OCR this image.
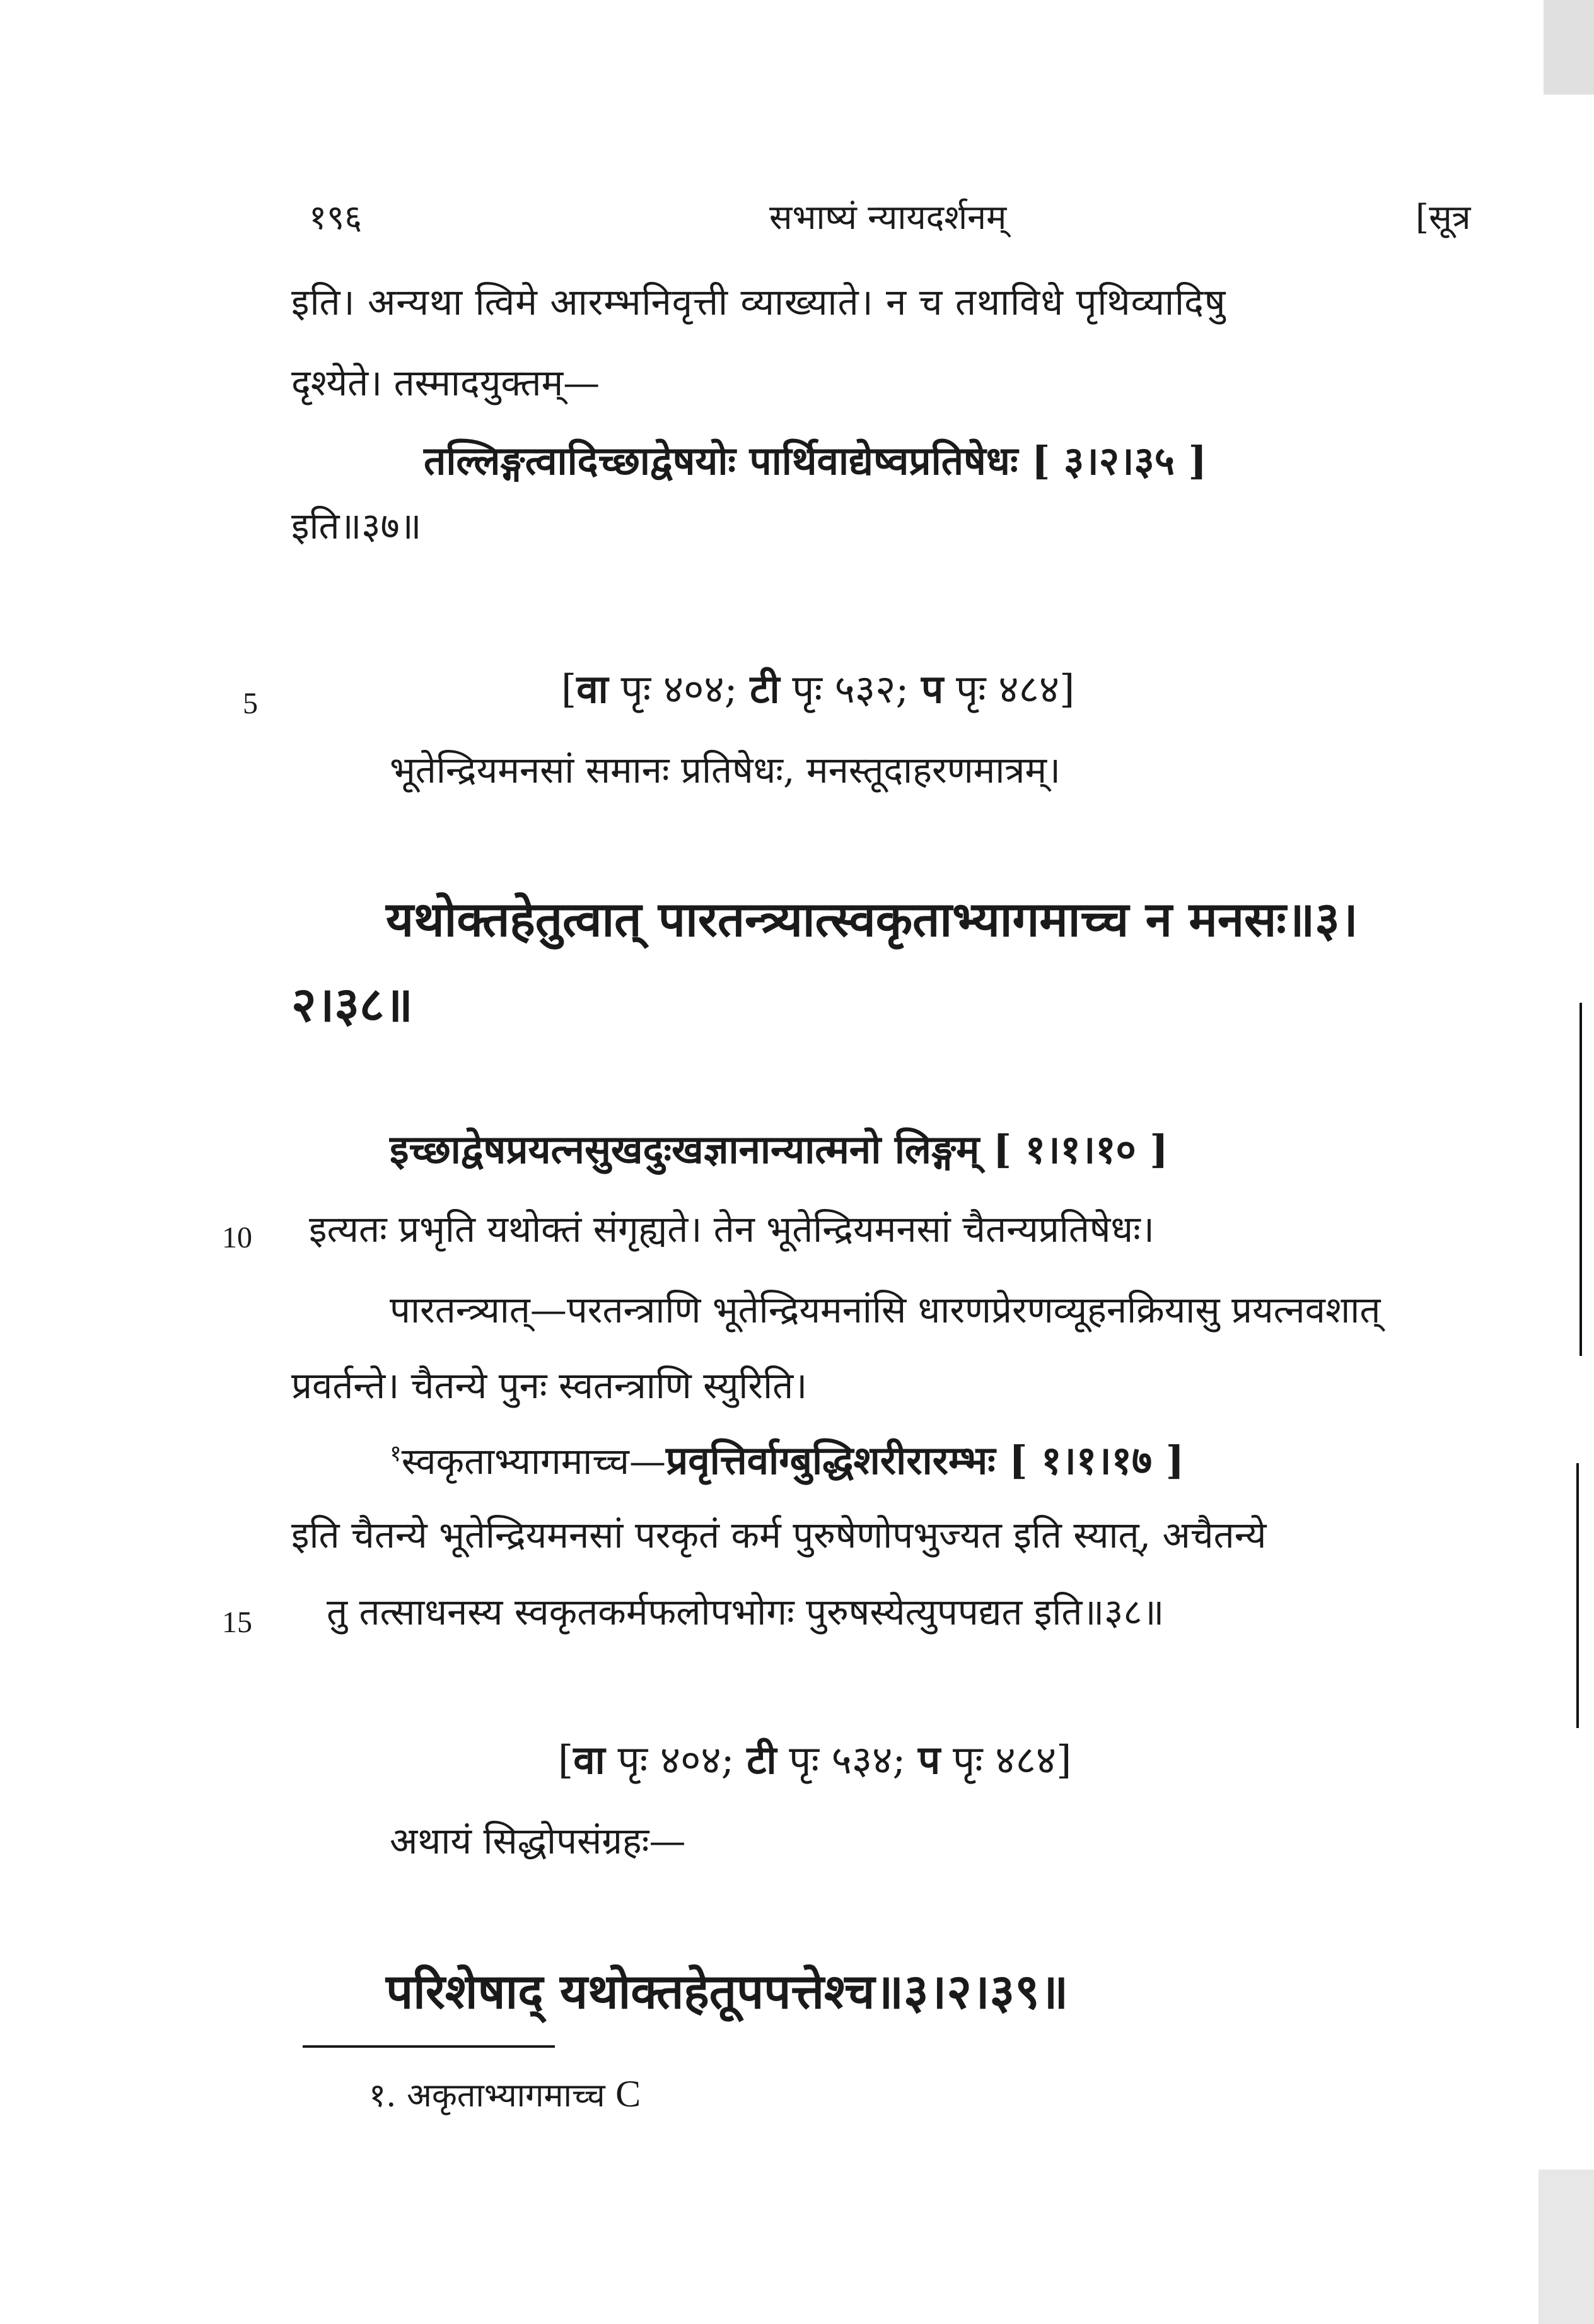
१९६	सभाष्यं न्यायदर्शनम्	[सूत्र
इति। अन्यथा त्विमे आरम्भनिवृत्ती व्याख्याते। न च तथाविधे पृथिव्यादिषु
दृश्येते। तस्मादयुक्तम्—
तल्लिङ्गत्वादिच्छाद्वेषयोः पार्थिवाद्येष्वप्रतिषेधः [ ३।२।३५ ]
इति॥३७॥
5	[वा पृः ४०४; टी पृः ५३२; प पृः ४८४]
भूतेन्द्रियमनसां समानः प्रतिषेधः, मनस्तूदाहरणमात्रम्।
यथोक्तहेतुत्वात् पारतन्त्र्यात्स्वकृताभ्यागमाच्च न मनसः॥३।
२।३८॥
इच्छाद्वेषप्रयत्नसुखदुःखज्ञानान्यात्मनो लिङ्गम् [ १।१।१० ]
10 इत्यतः प्रभृति यथोक्तं संगृह्यते। तेन भूतेन्द्रियमनसां चैतन्यप्रतिषेधः।
पारतन्त्र्यात्—परतन्त्राणि भूतेन्द्रियमनांसि धारणप्रेरणव्यूहनक्रियासु प्रयत्नवशात्
प्रवर्तन्ते। चैतन्ये पुनः स्वतन्त्राणि स्युरिति।
$^१$स्वकृताभ्यागमाच्च—प्रवृत्तिर्वाग्बुद्धिशरीरारम्भः [ १।१।१७ ]
इति चैतन्ये भूतेन्द्रियमनसां परकृतं कर्म पुरुषेणोपभुज्यत इति स्यात्, अचैतन्ये
15 तु तत्साधनस्य स्वकृतकर्मफलोपभोगः पुरुषस्येत्युपपद्यत इति॥३८॥
[वा पृः ४०४; टी पृः ५३४; प पृः ४८४]
अथायं सिद्धोपसंग्रहः—
परिशेषाद् यथोक्तहेतूपपत्तेश्च॥३।२।३९॥
१. अकृताभ्यागमाच्च C
